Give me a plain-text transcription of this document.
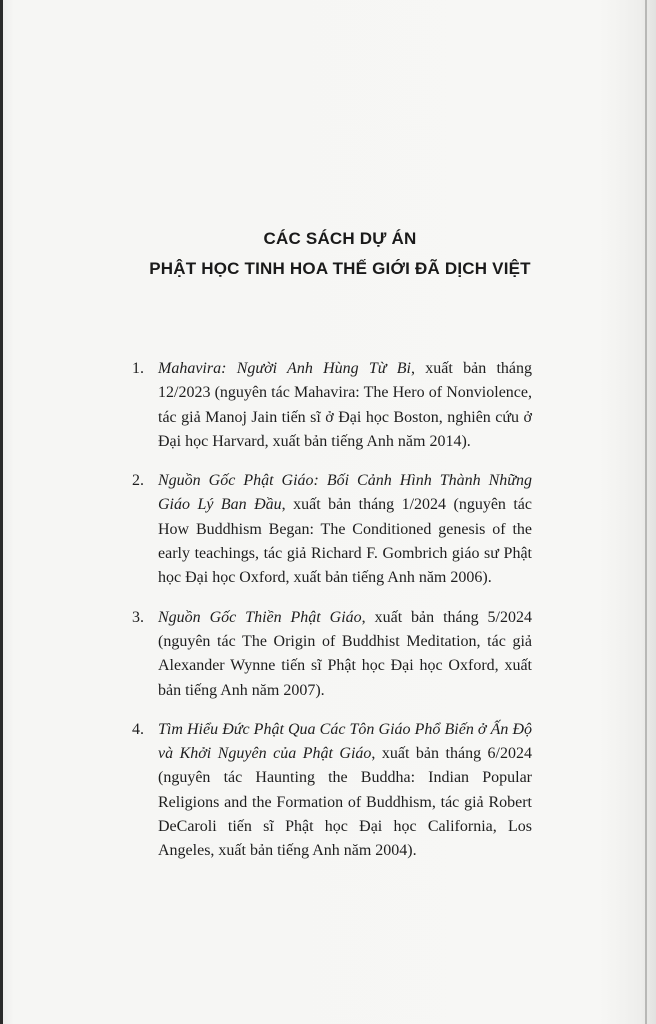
CÁC SÁCH DỰ ÁN
PHẬT HỌC TINH HOA THẾ GIỚI ĐÃ DỊCH VIỆT
1. Mahavira: Người Anh Hùng Từ Bi, xuất bản tháng 12/2023 (nguyên tác Mahavira: The Hero of Nonviolence, tác giả Manoj Jain tiến sĩ ở Đại học Boston, nghiên cứu ở Đại học Harvard, xuất bản tiếng Anh năm 2014).
2. Nguồn Gốc Phật Giáo: Bối Cảnh Hình Thành Những Giáo Lý Ban Đầu, xuất bản tháng 1/2024 (nguyên tác How Buddhism Began: The Conditioned genesis of the early teachings, tác giả Richard F. Gombrich giáo sư Phật học Đại học Oxford, xuất bản tiếng Anh năm 2006).
3. Nguồn Gốc Thiền Phật Giáo, xuất bản tháng 5/2024 (nguyên tác The Origin of Buddhist Meditation, tác giả Alexander Wynne tiến sĩ Phật học Đại học Oxford, xuất bản tiếng Anh năm 2007).
4. Tìm Hiểu Đức Phật Qua Các Tôn Giáo Phổ Biến ở Ấn Độ và Khởi Nguyên của Phật Giáo, xuất bản tháng 6/2024 (nguyên tác Haunting the Buddha: Indian Popular Religions and the Formation of Buddhism, tác giả Robert DeCaroli tiến sĩ Phật học Đại học California, Los Angeles, xuất bản tiếng Anh năm 2004).
